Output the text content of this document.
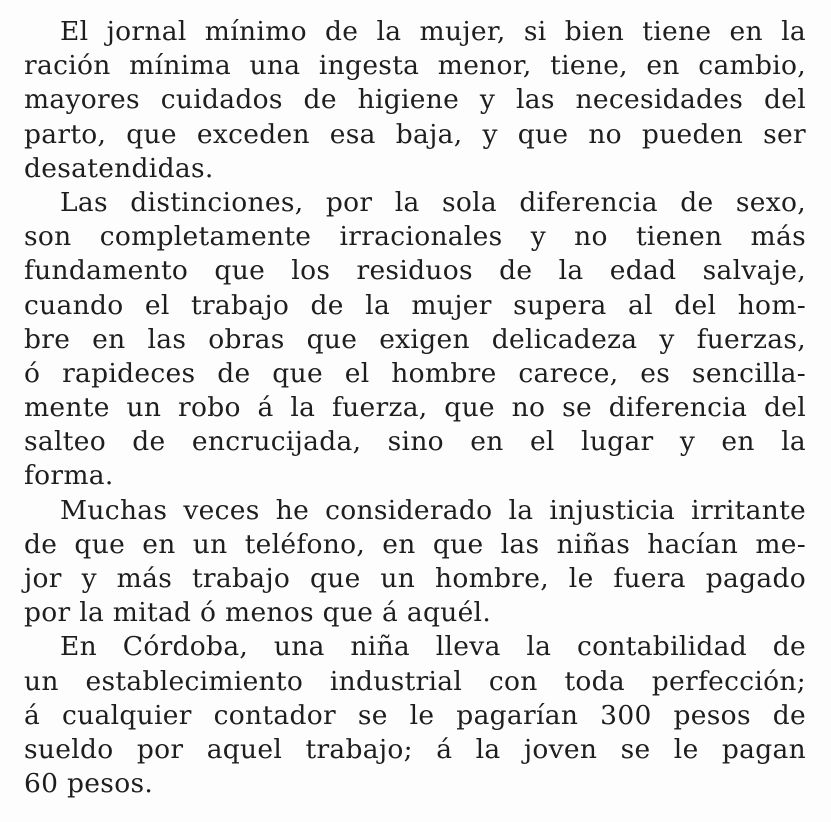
El jornal mínimo de la mujer, si bien tiene en la
ración mínima una ingesta menor, tiene, en cambio,
mayores cuidados de higiene y las necesidades del
parto, que exceden esa baja, y que no pueden ser
desatendidas.
Las distinciones, por la sola diferencia de sexo,
son completamente irracionales y no tienen más
fundamento que los residuos de la edad salvaje,
cuando el trabajo de la mujer supera al del hom-
bre en las obras que exigen delicadeza y fuerzas,
ó rapideces de que el hombre carece, es sencilla-
mente un robo á la fuerza, que no se diferencia del
salteo de encrucijada, sino en el lugar y en la
forma.
Muchas veces he considerado la injusticia irritante
de que en un teléfono, en que las niñas hacían me-
jor y más trabajo que un hombre, le fuera pagado
por la mitad ó menos que á aquél.
En Córdoba, una niña lleva la contabilidad de
un establecimiento industrial con toda perfección;
á cualquier contador se le pagarían 300 pesos de
sueldo por aquel trabajo; á la joven se le pagan
60 pesos.
